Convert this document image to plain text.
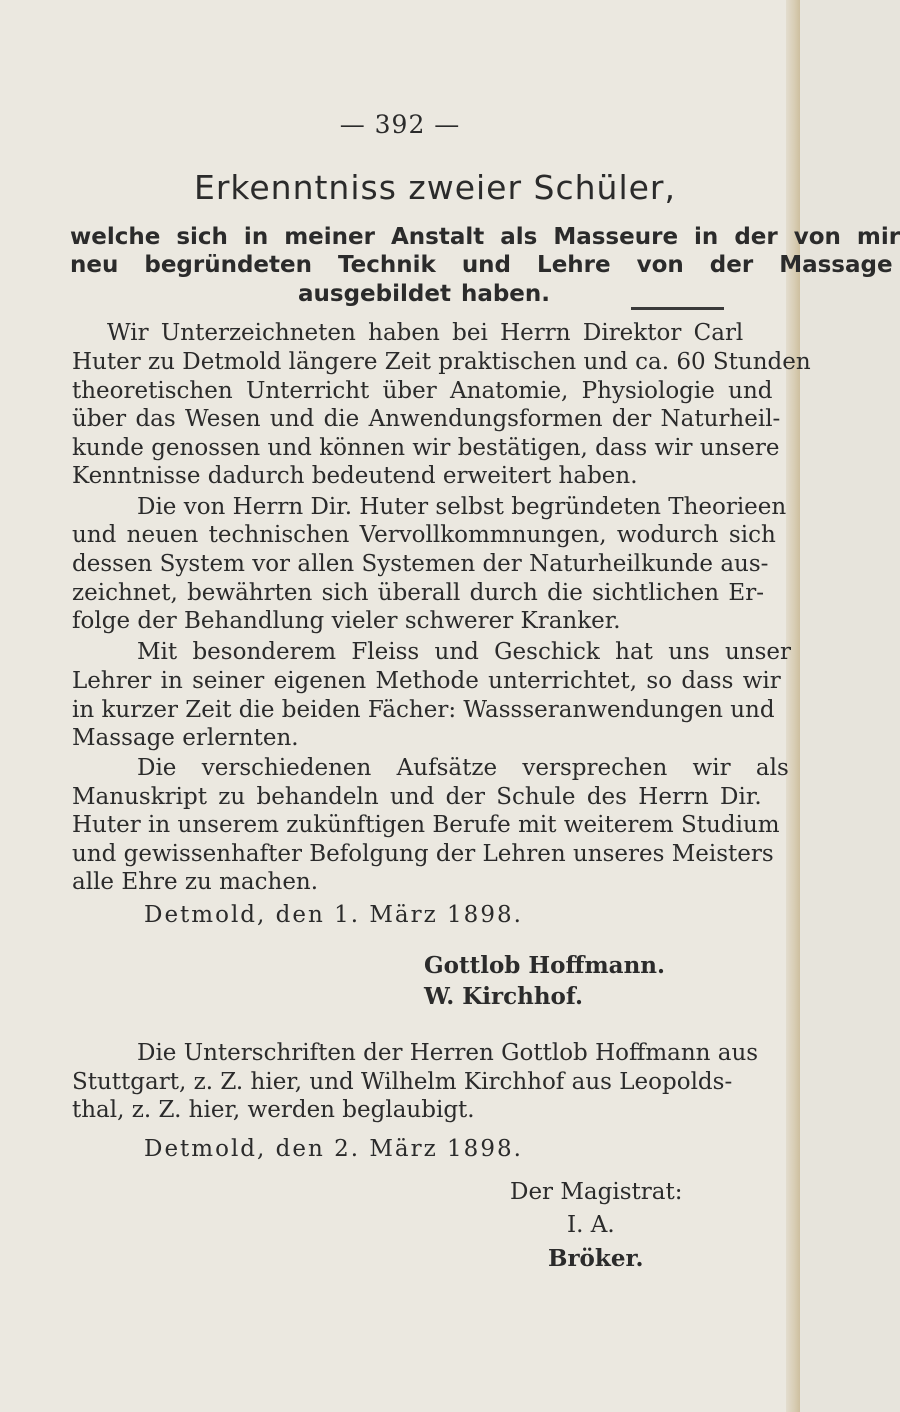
— 392 —
Erkenntniss zweier Schüler,
welche sich in meiner Anstalt als Masseure in der von mir
neu begründeten Technik und Lehre von der Massage
ausgebildet haben.
Wir Unterzeichneten haben bei Herrn Direktor Carl
Huter zu Detmold längere Zeit praktischen und ca. 60 Stunden
theoretischen Unterricht über Anatomie, Physiologie und
über das Wesen und die Anwendungsformen der Naturheil-
kunde genossen und können wir bestätigen, dass wir unsere
Kenntnisse dadurch bedeutend erweitert haben.
Die von Herrn Dir. Huter selbst begründeten Theorieen
und neuen technischen Vervollkommnungen, wodurch sich
dessen System vor allen Systemen der Naturheilkunde aus-
zeichnet, bewährten sich überall durch die sichtlichen Er-
folge der Behandlung vieler schwerer Kranker.
Mit besonderem Fleiss und Geschick hat uns unser
Lehrer in seiner eigenen Methode unterrichtet, so dass wir
in kurzer Zeit die beiden Fächer: Wassseranwendungen und
Massage erlernten.
Die verschiedenen Aufsätze versprechen wir als
Manuskript zu behandeln und der Schule des Herrn Dir.
Huter in unserem zukünftigen Berufe mit weiterem Studium
und gewissenhafter Befolgung der Lehren unseres Meisters
alle Ehre zu machen.
Detmold, den 1. März 1898.
Gottlob Hoffmann.
W. Kirchhof.
Die Unterschriften der Herren Gottlob Hoffmann aus
Stuttgart, z. Z. hier, und Wilhelm Kirchhof aus Leopolds-
thal, z. Z. hier, werden beglaubigt.
Detmold, den 2. März 1898.
Der Magistrat:
I. A.
Bröker.
